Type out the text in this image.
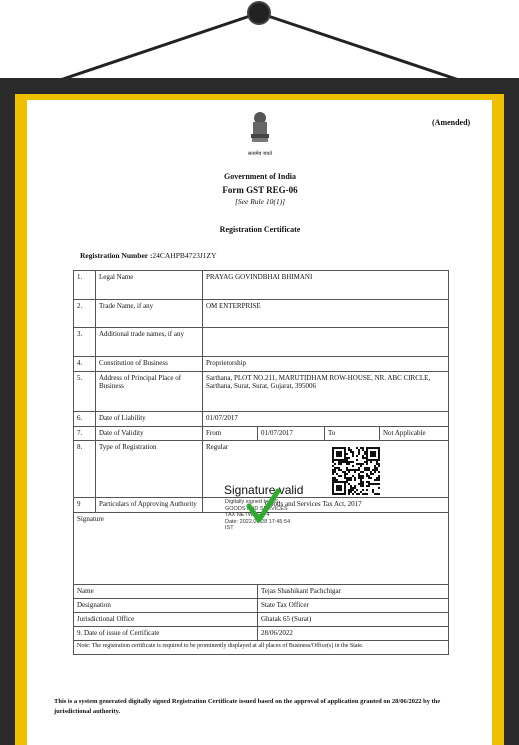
(Amended)
सत्यमेव जयते
Government of India
Form GST REG-06
[See Rule 10(1)]
Registration Certificate
Registration Number :24CAHPB4723J1ZY
1.	Legal Name	PRAYAG GOVINDBHAI BHIMANI			
2.	Trade Name, if any	OM ENTERPRISE			
3.	Additional trade names, if any				
4.	Constitution of Business	Proprietorship			
5.	Address of Principal Place of Business	Sarthana, PLOT NO.211, MARUTIDHAM ROW-HOUSE, NR. ABC CIRCLE, Sarthana, Surat, Surat, Gujarat, 395006			
6.	Date of Liability	01/07/2017			
7.	Date of Validity	From	01/07/2017	To	Not Applicable
8.	Type of Registration	Regular			
9	Particulars of Approving Authority	Goods and Services Tax Act, 2017			
Signature					
Name			Tejas Shashikant Pachchigar		
Designation			State Tax Officer		
Jurisdictional Office			Ghatak 65 (Surat)		
9. Date of issue of Certificate			28/06/2022		
Note: The registration certificate is required to be prominently displayed at all places of Business/Office(s) in the State.					
Signature valid
Digitally signed by DS
GOODS AND SERVICES
TAX NETWORK 4
Date: 2022.06.28 17:45:54
IST
This is a system generated digitally signed Registration Certificate issued based on the approval of application granted on 28/06/2022 by the jurisdictional authority.
